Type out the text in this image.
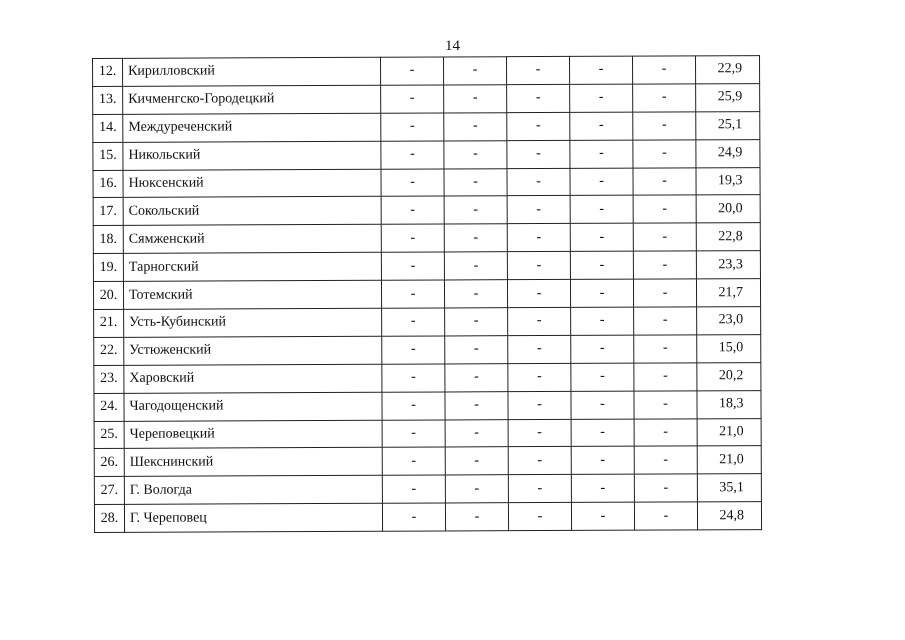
14
12.	Кирилловский	-	-	-	-	-	22,9
13.	Кичменгско-Городецкий	-	-	-	-	-	25,9
14.	Междуреченский	-	-	-	-	-	25,1
15.	Никольский	-	-	-	-	-	24,9
16.	Нюксенский	-	-	-	-	-	19,3
17.	Сокольский	-	-	-	-	-	20,0
18.	Сямженский	-	-	-	-	-	22,8
19.	Тарногский	-	-	-	-	-	23,3
20.	Тотемский	-	-	-	-	-	21,7
21.	Усть-Кубинский	-	-	-	-	-	23,0
22.	Устюженский	-	-	-	-	-	15,0
23.	Харовский	-	-	-	-	-	20,2
24.	Чагодощенский	-	-	-	-	-	18,3
25.	Череповецкий	-	-	-	-	-	21,0
26.	Шекснинский	-	-	-	-	-	21,0
27.	Г. Вологда	-	-	-	-	-	35,1
28.	Г. Череповец	-	-	-	-	-	24,8
